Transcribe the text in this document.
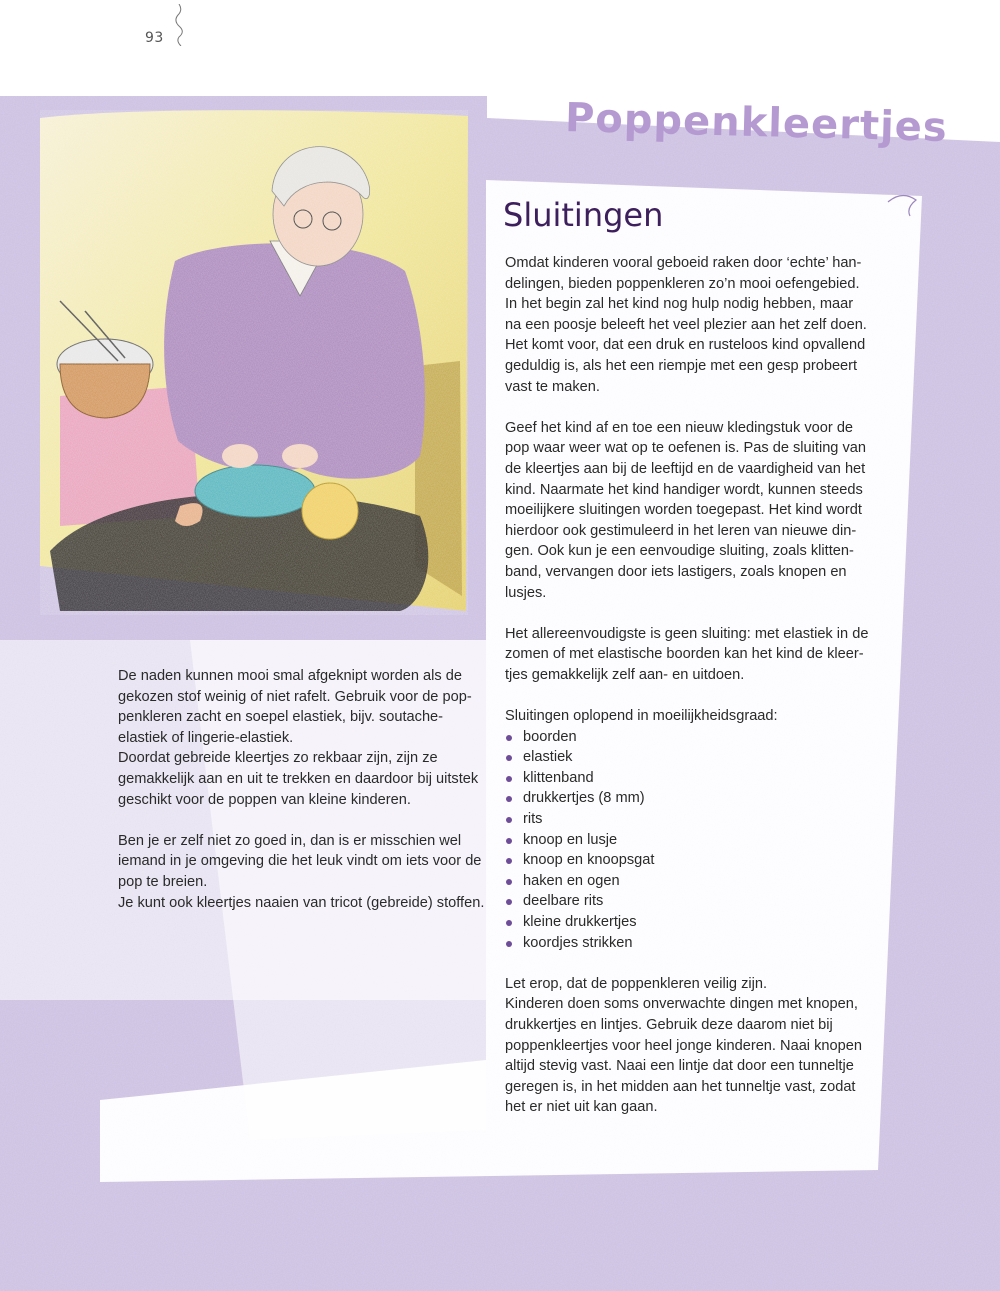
93
Poppenkleertjes
Sluitingen

Omdat kinderen vooral geboeid raken door ‘echte’ han-
delingen, bieden poppenkleren zo’n mooi oefengebied.
In het begin zal het kind nog hulp nodig hebben, maar
na een poosje beleeft het veel plezier aan het zelf doen.
Het komt voor, dat een druk en rusteloos kind opvallend
geduldig is, als het een riempje met een gesp probeert
vast te maken.

Geef het kind af en toe een nieuw kledingstuk voor de
pop waar weer wat op te oefenen is. Pas de sluiting van
de kleertjes aan bij de leeftijd en de vaardigheid van het
kind. Naarmate het kind handiger wordt, kunnen steeds
moeilijkere sluitingen worden toegepast. Het kind wordt
hierdoor ook gestimuleerd in het leren van nieuwe din-
gen. Ook kun je een eenvoudige sluiting, zoals klitten-
band, vervangen door iets lastigers, zoals knopen en
lusjes.

Het allereenvoudigste is geen sluiting: met elastiek in de
zomen of met elastische boorden kan het kind de kleer-
tjes gemakkelijk zelf aan- en uitdoen.

Sluitingen oplopend in moeilijkheidsgraad:

boorden
elastiek
klittenband
drukkertjes (8 mm)
rits
knoop en lusje
knoop en knoopsgat
haken en ogen
deelbare rits
kleine drukkertjes
koordjes strikken

Let erop, dat de poppenkleren veilig zijn.
Kinderen doen soms onverwachte dingen met knopen,
drukkertjes en lintjes. Gebruik deze daarom niet bij
poppenkleertjes voor heel jonge kinderen. Naai knopen
altijd stevig vast. Naai een lintje dat door een tunneltje
geregen is, in het midden aan het tunneltje vast, zodat
het er niet uit kan gaan.

De naden kunnen mooi smal afgeknipt worden als de
gekozen stof weinig of niet rafelt. Gebruik voor de pop-
penkleren zacht en soepel elastiek, bijv. soutache-
elastiek of lingerie-elastiek.

Doordat gebreide kleertjes zo rekbaar zijn, zijn ze
gemakkelijk aan en uit te trekken en daardoor bij uitstek
geschikt voor de poppen van kleine kinderen.

Ben je er zelf niet zo goed in, dan is er misschien wel
iemand in je omgeving die het leuk vindt om iets voor de
pop te breien.
Je kunt ook kleertjes naaien van tricot (gebreide) stoffen.
